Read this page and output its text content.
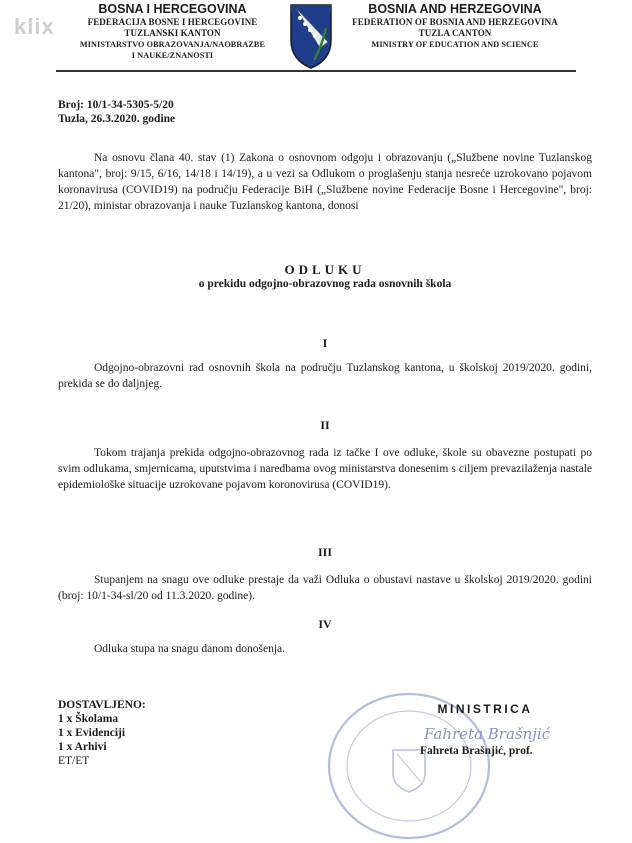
klix
BOSNA I HERCEGOVINA
FEDERACIJA BOSNE I HERCEGOVINE
TUZLANSKI KANTON
MINISTARSTVO OBRAZOVANJA/NAOBRAZBE
I NAUKE/ZNANOSTI
BOSNIA AND HERZEGOVINA
FEDERATION OF BOSNIA AND HERZEGOVINA
TUZLA CANTON
MINISTRY OF EDUCATION AND SCIENCE
Broj: 10/1-34-5305-5/20
Tuzla, 26.3.2020. godine
Na osnovu člana 40. stav (1) Zakona o osnovnom odgoju i obrazovanju („Službene novine Tuzlanskog kantona", broj: 9/15, 6/16, 14/18 i 14/19), a u vezi sa Odlukom o proglašenju stanja nesreće uzrokovano pojavom koronavirusa (COVID19) na području Federacije BiH („Službene novine Federacije Bosne i Hercegovine", broj: 21/20), ministar obrazovanja i nauke Tuzlanskog kantona, donosi
ODLUKU
o prekidu odgojno-obrazovnog rada osnovnih škola
I
Odgojno-obrazovni rad osnovnih škola na području Tuzlanskog kantona, u školskoj 2019/2020. godini, prekida se do daljnjeg.
II
Tokom trajanja prekida odgojno-obrazovnog rada iz tačke I ove odluke, škole su obavezne postupati po svim odlukama, smjernicama, uputstvima i naredbama ovog ministarstva donesenim s ciljem prevazilaženja nastale epidemiološke situacije uzrokovane pojavom koronovirusa (COVID19).
III
Stupanjem na snagu ove odluke prestaje da važi Odluka o obustavi nastave u školskoj 2019/2020. godini (broj: 10/1-34-sl/20 od 11.3.2020. godine).
IV
Odluka stupa na snagu danom donošenja.
DOSTAVLJENO:
1 x Školama
1 x Evidenciji
1 x Arhivi
ET/ET
MINISTRICA
Fahreta Brašnjić
Fahreta Brašnjić, prof.
